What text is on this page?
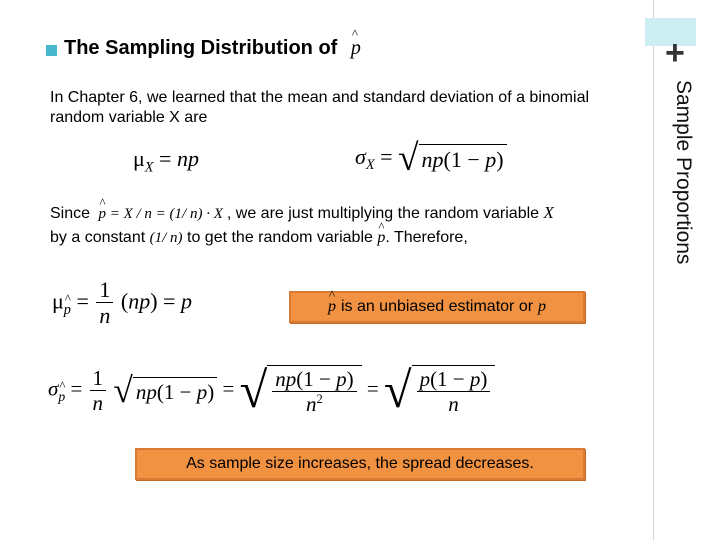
+
Sample Proportions
The Sampling Distribution of ^ p
In Chapter 6, we learned that the mean and standard deviation of a binomial random variable X are
$\mu_X$ = np	$\sigma_X$ = √ np(1 − p)
Since ^ p = X / n = (1/ n) · X , we are just multiplying the random variable X
by a constant (1/ n) to get the random variable ^ p. Therefore,
μ^ $_p = \frac{1}{n} (np) = p$	^ p is an unbiased estimator or p
σ^ $_p = \frac{1}{n}$ √ np(1 − p) = √ $\frac{np(1 - p)}{n^2}$ = √ $\frac{p(1 - p)}{n}$
As sample size increases, the spread decreases.
